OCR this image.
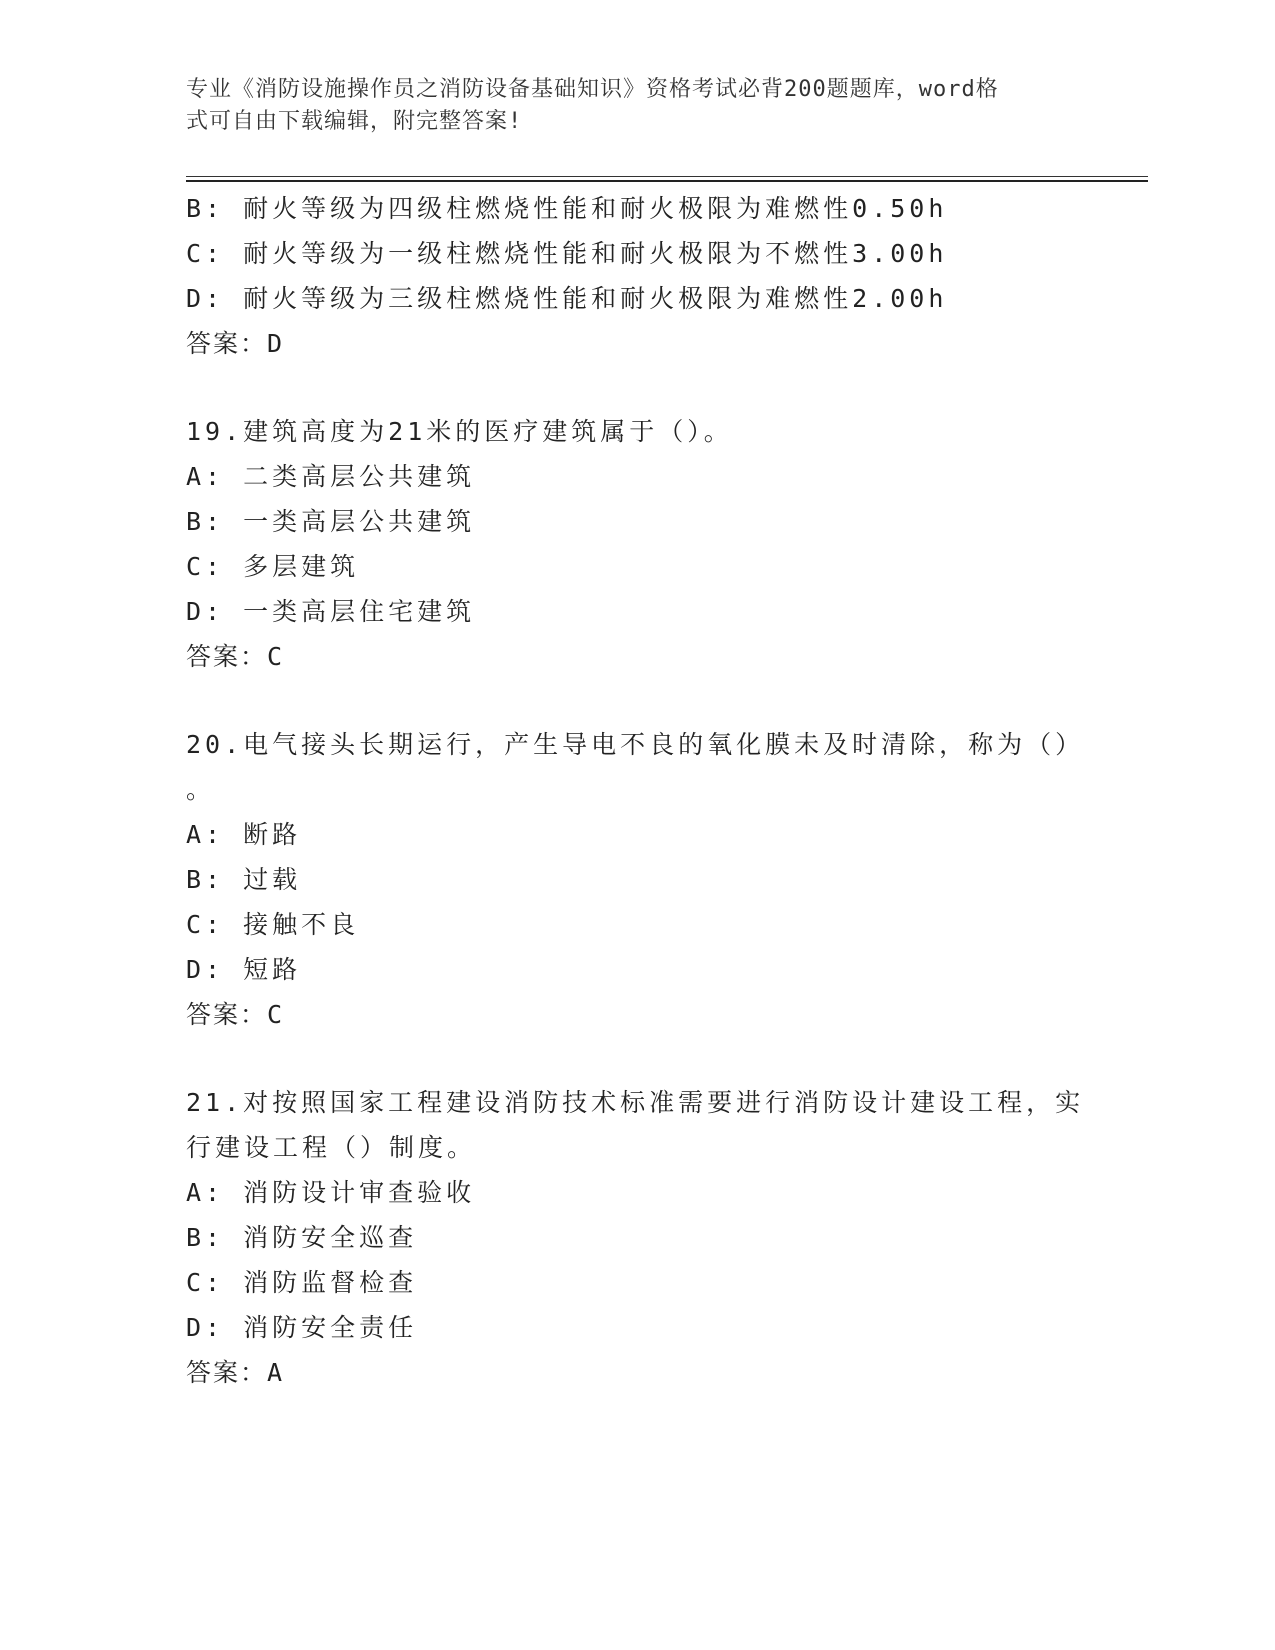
专业《消防设施操作员之消防设备基础知识》资格考试必背200题题库，word格
式可自由下载编辑，附完整答案!
B: 耐火等级为四级柱燃烧性能和耐火极限为难燃性0.50h
C: 耐火等级为一级柱燃烧性能和耐火极限为不燃性3.00h
D: 耐火等级为三级柱燃烧性能和耐火极限为难燃性2.00h
答案：D
19.建筑高度为21米的医疗建筑属于（）。
A: 二类高层公共建筑
B: 一类高层公共建筑
C: 多层建筑
D: 一类高层住宅建筑
答案：C
20.电气接头长期运行，产生导电不良的氧化膜未及时清除，称为（）
。
A: 断路
B: 过载
C: 接触不良
D: 短路
答案：C
21.对按照国家工程建设消防技术标准需要进行消防设计建设工程，实
行建设工程（）制度。
A: 消防设计审查验收
B: 消防安全巡查
C: 消防监督检查
D: 消防安全责任
答案：A
